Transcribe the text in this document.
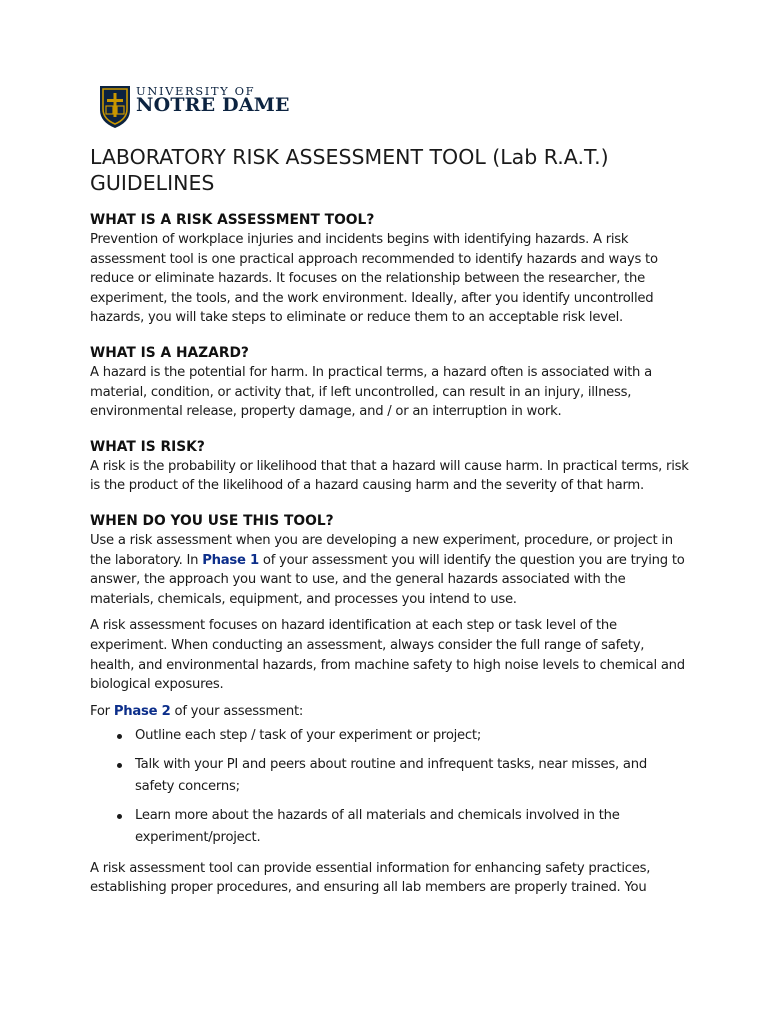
UNIVERSITY OF
NOTRE DAME
LABORATORY RISK ASSESSMENT TOOL (Lab R.A.T.) GUIDELINES
WHAT IS A RISK ASSESSMENT TOOL?

Prevention of workplace injuries and incidents begins with identifying hazards. A risk assessment tool is one practical approach recommended to identify hazards and ways to reduce or eliminate hazards. It focuses on the relationship between the researcher, the experiment, the tools, and the work environment. Ideally, after you identify uncontrolled hazards, you will take steps to eliminate or reduce them to an acceptable risk level.

WHAT IS A HAZARD?

A hazard is the potential for harm. In practical terms, a hazard often is associated with a material, condition, or activity that, if left uncontrolled, can result in an injury, illness, environmental release, property damage, and / or an interruption in work.

WHAT IS RISK?

A risk is the probability or likelihood that that a hazard will cause harm. In practical terms, risk is the product of the likelihood of a hazard causing harm and the severity of that harm.

WHEN DO YOU USE THIS TOOL?

Use a risk assessment when you are developing a new experiment, procedure, or project in the laboratory. In Phase 1 of your assessment you will identify the question you are trying to answer, the approach you want to use, and the general hazards associated with the materials, chemicals, equipment, and processes you intend to use.

A risk assessment focuses on hazard identification at each step or task level of the experiment. When conducting an assessment, always consider the full range of safety, health, and environmental hazards, from machine safety to high noise levels to chemical and biological exposures.

For Phase 2 of your assessment:

Outline each step / task of your experiment or project;
Talk with your PI and peers about routine and infrequent tasks, near misses, and safety concerns;
Learn more about the hazards of all materials and chemicals involved in the experiment/project.

A risk assessment tool can provide essential information for enhancing safety practices, establishing proper procedures, and ensuring all lab members are properly trained. You
